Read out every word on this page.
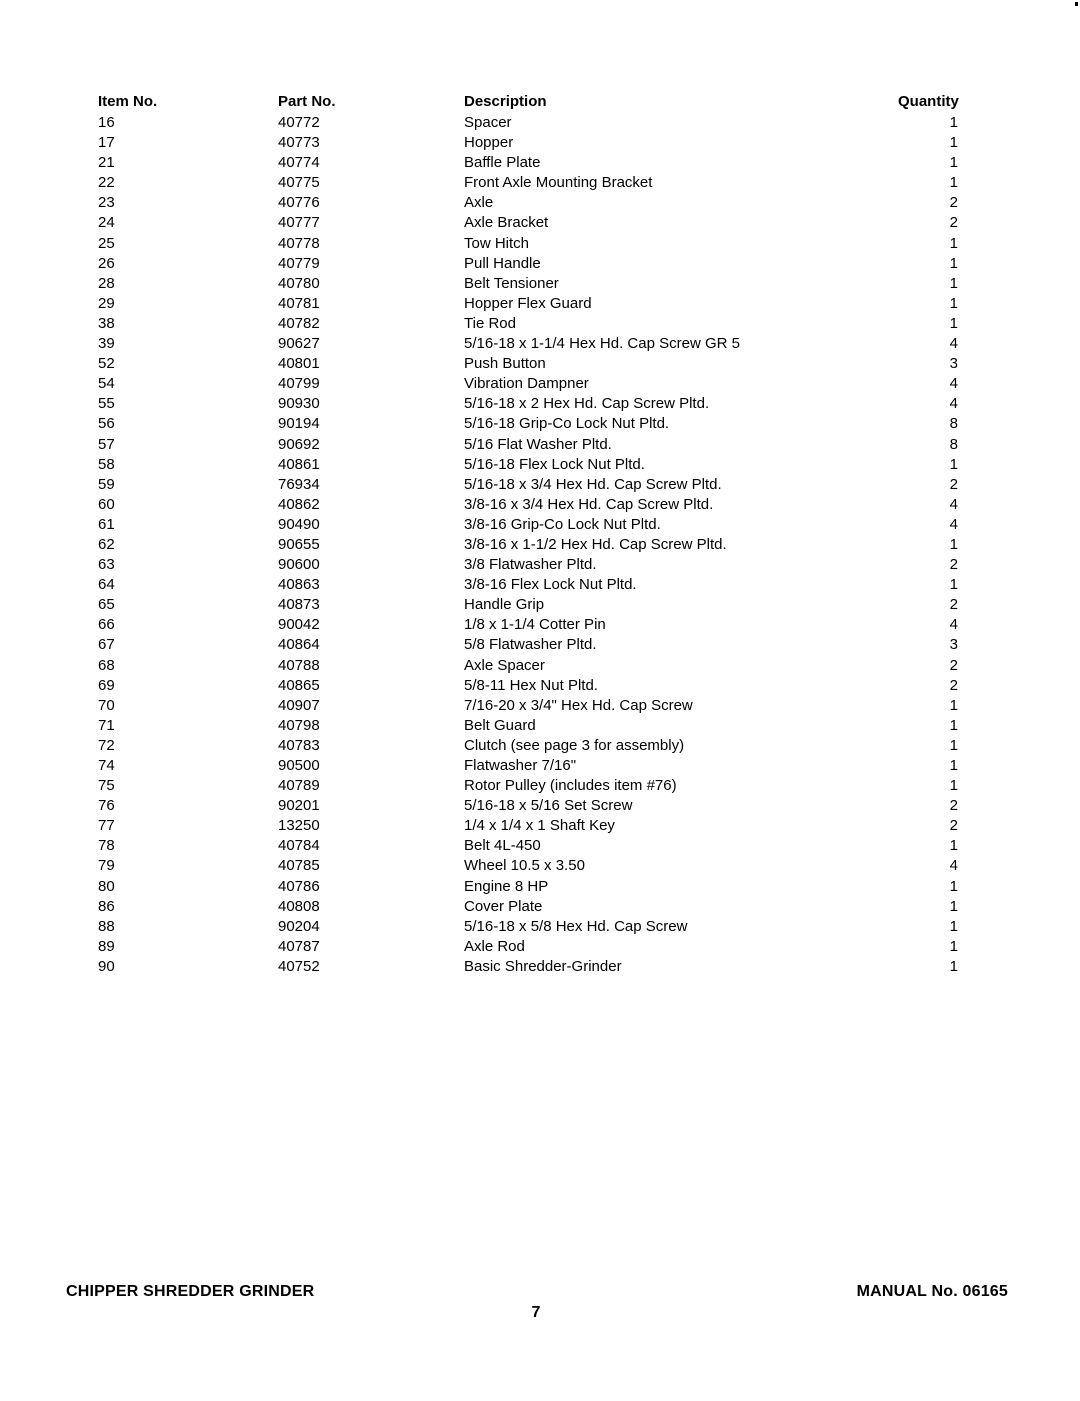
Item No.	Part No.	Description	Quantity
16	40772	Spacer	1
17	40773	Hopper	1
21	40774	Baffle Plate	1
22	40775	Front Axle Mounting Bracket	1
23	40776	Axle	2
24	40777	Axle Bracket	2
25	40778	Tow Hitch	1
26	40779	Pull Handle	1
28	40780	Belt Tensioner	1
29	40781	Hopper Flex Guard	1
38	40782	Tie Rod	1
39	90627	5/16-18 x 1-1/4 Hex Hd. Cap Screw GR 5	4
52	40801	Push Button	3
54	40799	Vibration Dampner	4
55	90930	5/16-18 x 2 Hex Hd. Cap Screw Pltd.	4
56	90194	5/16-18 Grip-Co Lock Nut Pltd.	8
57	90692	5/16 Flat Washer Pltd.	8
58	40861	5/16-18 Flex Lock Nut Pltd.	1
59	76934	5/16-18 x 3/4 Hex Hd. Cap Screw Pltd.	2
60	40862	3/8-16 x 3/4 Hex Hd. Cap Screw Pltd.	4
61	90490	3/8-16 Grip-Co Lock Nut Pltd.	4
62	90655	3/8-16 x 1-1/2 Hex Hd. Cap Screw Pltd.	1
63	90600	3/8 Flatwasher Pltd.	2
64	40863	3/8-16 Flex Lock Nut Pltd.	1
65	40873	Handle Grip	2
66	90042	1/8 x 1-1/4 Cotter Pin	4
67	40864	5/8 Flatwasher Pltd.	3
68	40788	Axle Spacer	2
69	40865	5/8-11 Hex Nut Pltd.	2
70	40907	7/16-20 x 3/4" Hex Hd. Cap Screw	1
71	40798	Belt Guard	1
72	40783	Clutch (see page 3 for assembly)	1
74	90500	Flatwasher 7/16"	1
75	40789	Rotor Pulley (includes item #76)	1
76	90201	5/16-18 x 5/16 Set Screw	2
77	13250	1/4 x 1/4 x 1 Shaft Key	2
78	40784	Belt 4L-450	1
79	40785	Wheel 10.5 x 3.50	4
80	40786	Engine 8 HP	1
86	40808	Cover Plate	1
88	90204	5/16-18 x 5/8 Hex Hd. Cap Screw	1
89	40787	Axle Rod	1
90	40752	Basic Shredder-Grinder	1
CHIPPER SHREDDER GRINDER	MANUAL No. 06165
7
